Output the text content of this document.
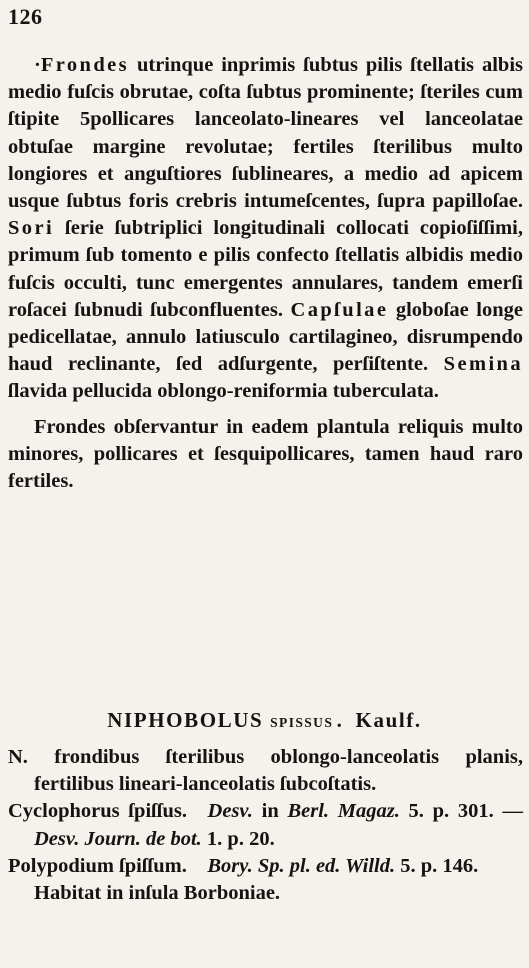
126

·Frondes utrinque inprimis ſubtus pilis ſtellatis albis medio fuſcis obrutae, coſta ſubtus prominente; ſteriles cum ſtipite 5pollicares lanceolato-lineares vel lanceolatae obtuſae margine revolutae; fertiles ſterilibus multo longiores et anguſtiores ſublineares, a medio ad apicem usque ſubtus foris crebris intumeſcentes, ſupra papilloſae. Sori ſerie ſubtriplici longitudinali collocati copioſiſſimi, primum ſub tomento e pilis confecto ſtellatis albidis medio fuſcis occulti, tunc emergentes annulares, tandem emerſi roſacei ſubnudi ſubconfluentes. Capſulae globoſae longe pedicellatae, annulo latiusculo cartilagineo, disrumpendo haud reclinante, ſed adſurgente, perſiſtente. Semina ſlavida pellucida oblongo-reniformia tuberculata.

Frondes obſervantur in eadem plantula reliquis multo minores, pollicares et ſesquipollicares, tamen haud raro fertiles.

NIPHOBOLUS SPISSUS . Kaulf.

N. frondibus ſterilibus oblongo-lanceolatis planis, fertilibus lineari-lanceolatis ſubcoſtatis.

Cyclophorus ſpiſſus.  Desv. in Berl. Magaz. 5. p. 301. — Desv. Journ. de bot. 1. p. 20.

Polypodium ſpiſſum.  Bory. Sp. pl. ed. Willd. 5. p. 146.

Habitat in inſula Borboniae.
